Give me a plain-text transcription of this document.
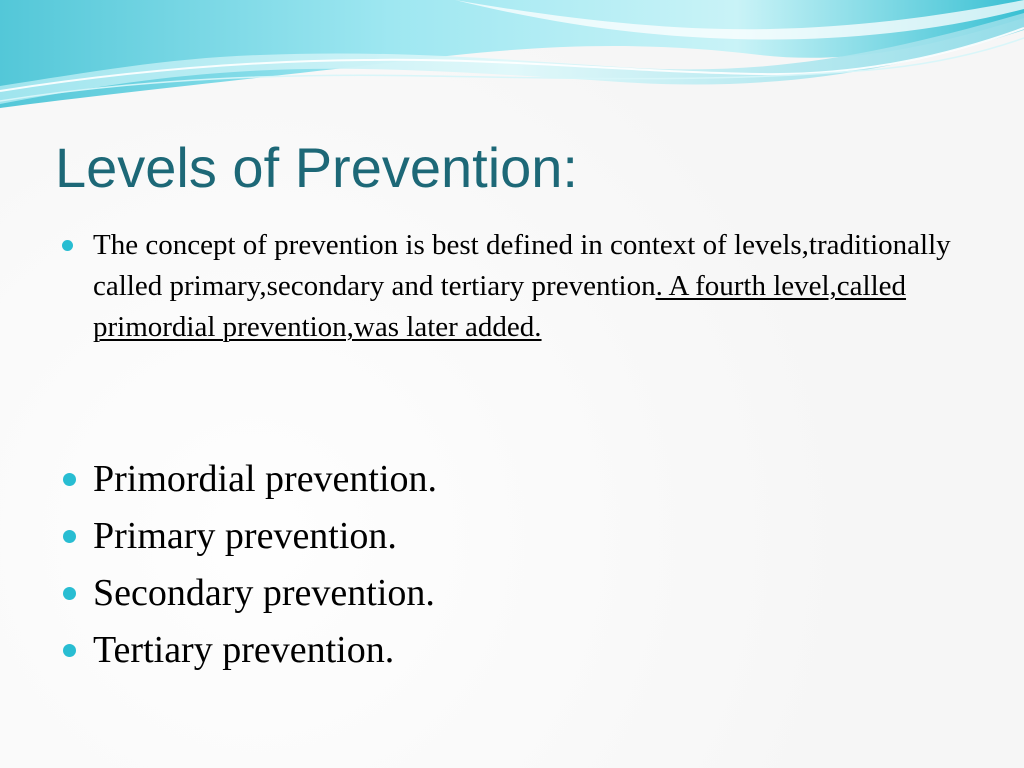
Levels of Prevention:
The concept of prevention is best defined in context of levels,traditionally called primary,secondary and tertiary prevention. A fourth level,called primordial prevention,was later added.
Primordial prevention.
Primary prevention.
Secondary prevention.
Tertiary prevention.
